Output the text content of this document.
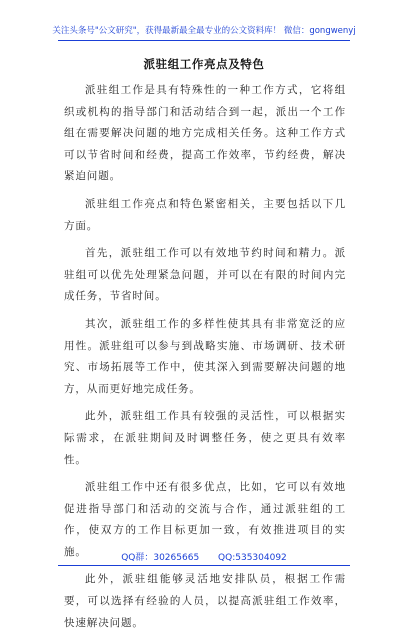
关注头条号"公文研究"，获得最新最全最专业的公文资料库！ 微信：gongwenyj
派驻组工作亮点及特色

派驻组工作是具有特殊性的一种工作方式，它将组织或机构的指导部门和活动结合到一起，派出一个工作组在需要解决问题的地方完成相关任务。这种工作方式可以节省时间和经费，提高工作效率，节约经费，解决紧迫问题。

派驻组工作亮点和特色紧密相关，主要包括以下几方面。

首先，派驻组工作可以有效地节约时间和精力。派驻组可以优先处理紧急问题，并可以在有限的时间内完成任务，节省时间。

其次，派驻组工作的多样性使其具有非常宽泛的应用性。派驻组可以参与到战略实施、市场调研、技术研究、市场拓展等工作中，使其深入到需要解决问题的地方，从而更好地完成任务。

此外，派驻组工作具有较强的灵活性，可以根据实际需求，在派驻期间及时调整任务，使之更具有效率性。

派驻组工作中还有很多优点，比如，它可以有效地促进指导部门和活动的交流与合作，通过派驻组的工作，使双方的工作目标更加一致，有效推进项目的实施。

此外，派驻组能够灵活地安排队员，根据工作需要，可以选择有经验的人员，以提高派驻组工作效率，快速解决问题。

QQ群：30265665 QQ:535304092
